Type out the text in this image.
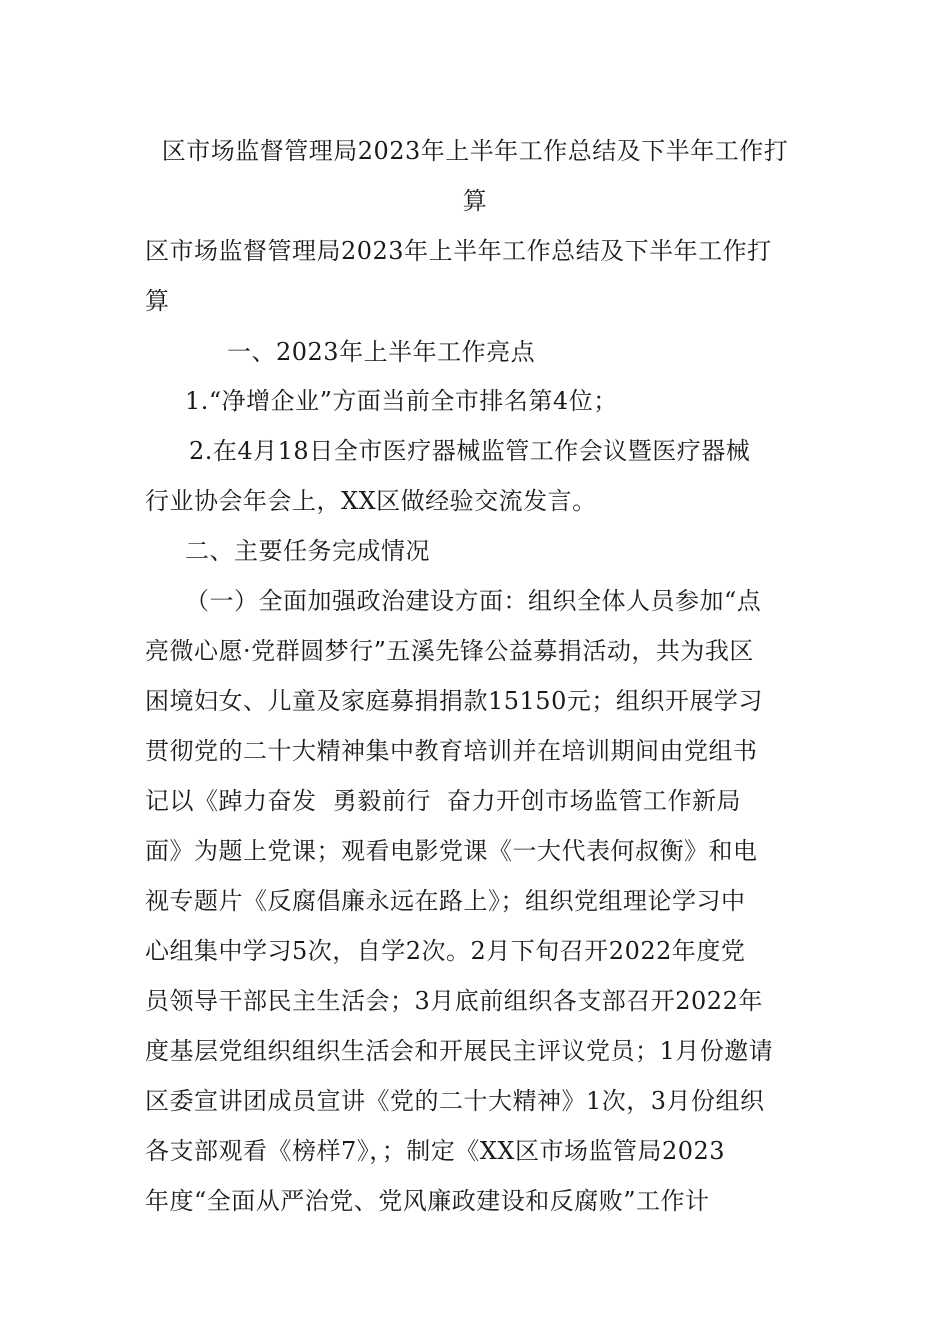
区市场监督管理局2023年上半年工作总结及下半年工作打
算
区市场监督管理局2023年上半年工作总结及下半年工作打
算
一、2023年上半年工作亮点
1.“净增企业”方面当前全市排名第4位；
2.在4月18日全市医疗器械监管工作会议暨医疗器械
行业协会年会上，XX区做经验交流发言。
二、主要任务完成情况
（一）全面加强政治建设方面：组织全体人员参加“点
亮微心愿·党群圆梦行”五溪先锋公益募捐活动，共为我区
困境妇女、儿童及家庭募捐捐款15150元；组织开展学习
贯彻党的二十大精神集中教育培训并在培训期间由党组书
记以《踔力奋发  勇毅前行  奋力开创市场监管工作新局
面》为题上党课；观看电影党课《一大代表何叔衡》和电
视专题片《反腐倡廉永远在路上》；组织党组理论学习中
心组集中学习5次，自学2次。2月下旬召开2022年度党
员领导干部民主生活会；3月底前组织各支部召开2022年
度基层党组织组织生活会和开展民主评议党员；1月份邀请
区委宣讲团成员宣讲《党的二十大精神》1次，3月份组织
各支部观看《榜样7》，；制定《XX区市场监管局2023
年度“全面从严治党、党风廉政建设和反腐败”工作计
